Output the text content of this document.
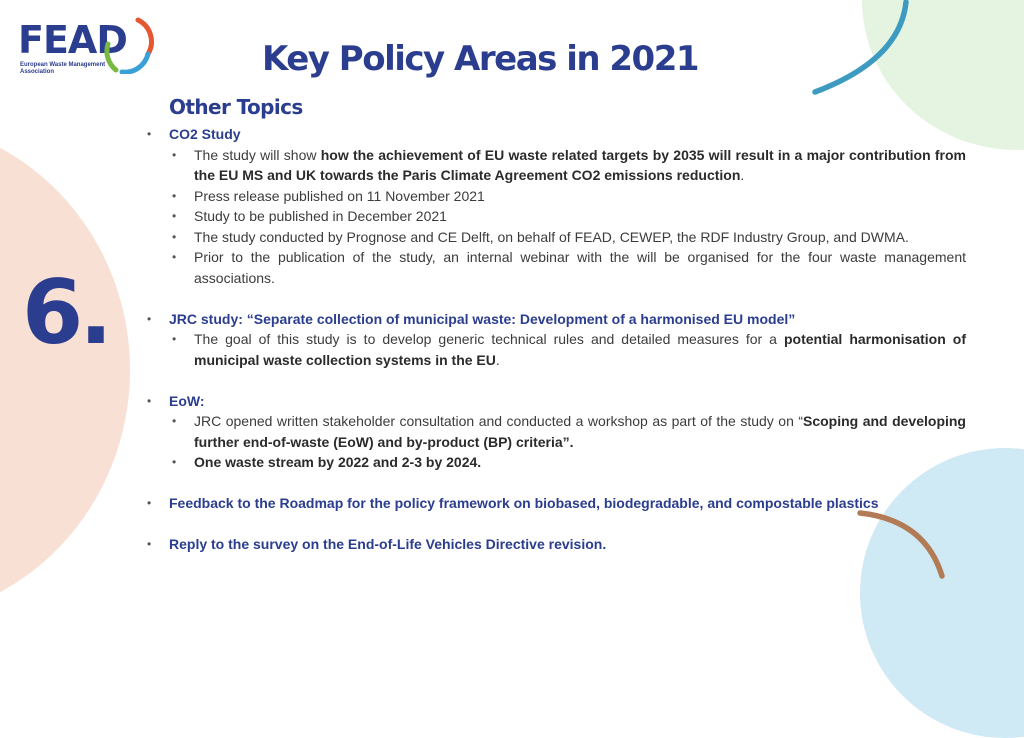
FEAD
European Waste Management Association	Key Policy Areas in 2021
Other Topics
6.
• CO2 Study
• The study will show how the achievement of EU waste related targets by 2035 will result in a major contribution from the EU MS and UK towards the Paris Climate Agreement CO2 emissions reduction.
• Press release published on 11 November 2021
• Study to be published in December 2021
• The study conducted by Prognose and CE Delft, on behalf of FEAD, CEWEP, the RDF Industry Group, and DWMA.
• Prior to the publication of the study, an internal webinar with the will be organised for the four waste management associations.
• JRC study: “Separate collection of municipal waste: Development of a harmonised EU model”
• The goal of this study is to develop generic technical rules and detailed measures for a potential harmonisation of municipal waste collection systems in the EU.
• EoW:
• JRC opened written stakeholder consultation and conducted a workshop as part of the study on “Scoping and developing further end-of-waste (EoW) and by-product (BP) criteria”.
• One waste stream by 2022 and 2-3 by 2024.
• Feedback to the Roadmap for the policy framework on biobased, biodegradable, and compostable plastics
• Reply to the survey on the End-of-Life Vehicles Directive revision.
